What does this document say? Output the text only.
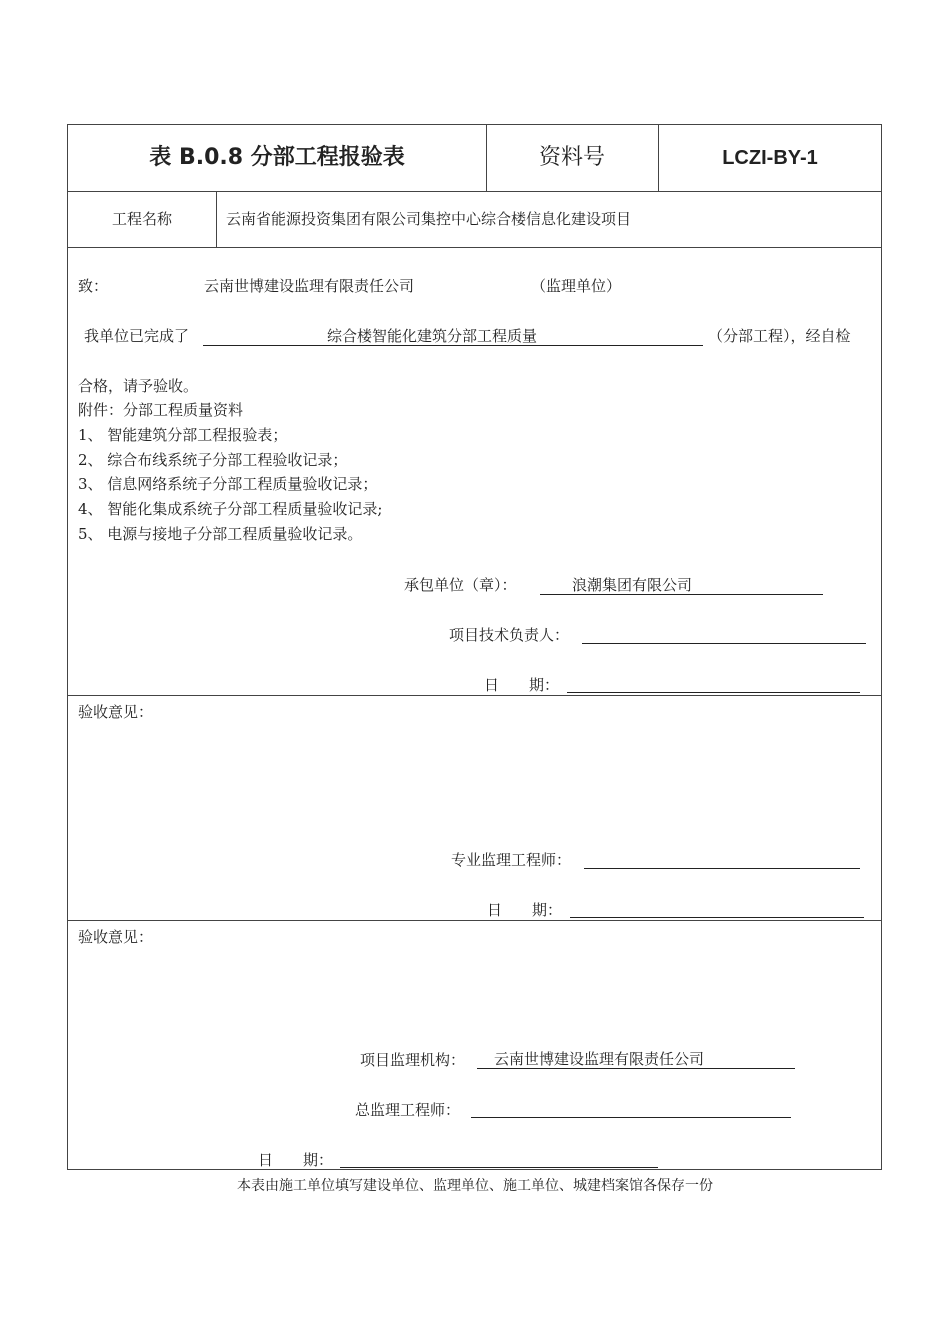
表 B.0.8 分部工程报验表	资料号	LCZI-BY-1
工程名称	云南省能源投资集团有限公司集控中心综合楼信息化建设项目
致：	云南世博建设监理有限责任公司	（监理单位）
我单位已完成了	综合楼智能化建筑分部工程质量	（分部工程），经自检
合格，请予验收。
附件：分部工程质量资料
1、 智能建筑分部工程报验表；
2、 综合布线系统子分部工程验收记录；
3、 信息网络系统子分部工程质量验收记录；
4、 智能化集成系统子分部工程质量验收记录;
5、 电源与接地子分部工程质量验收记录。
承包单位（章）：	浪潮集团有限公司
项目技术负责人：
日　　期：
验收意见：
专业监理工程师：
日　　期：
验收意见：
项目监理机构：	云南世博建设监理有限责任公司
总监理工程师：
日　　期：
本表由施工单位填写建设单位、监理单位、施工单位、城建档案馆各保存一份
